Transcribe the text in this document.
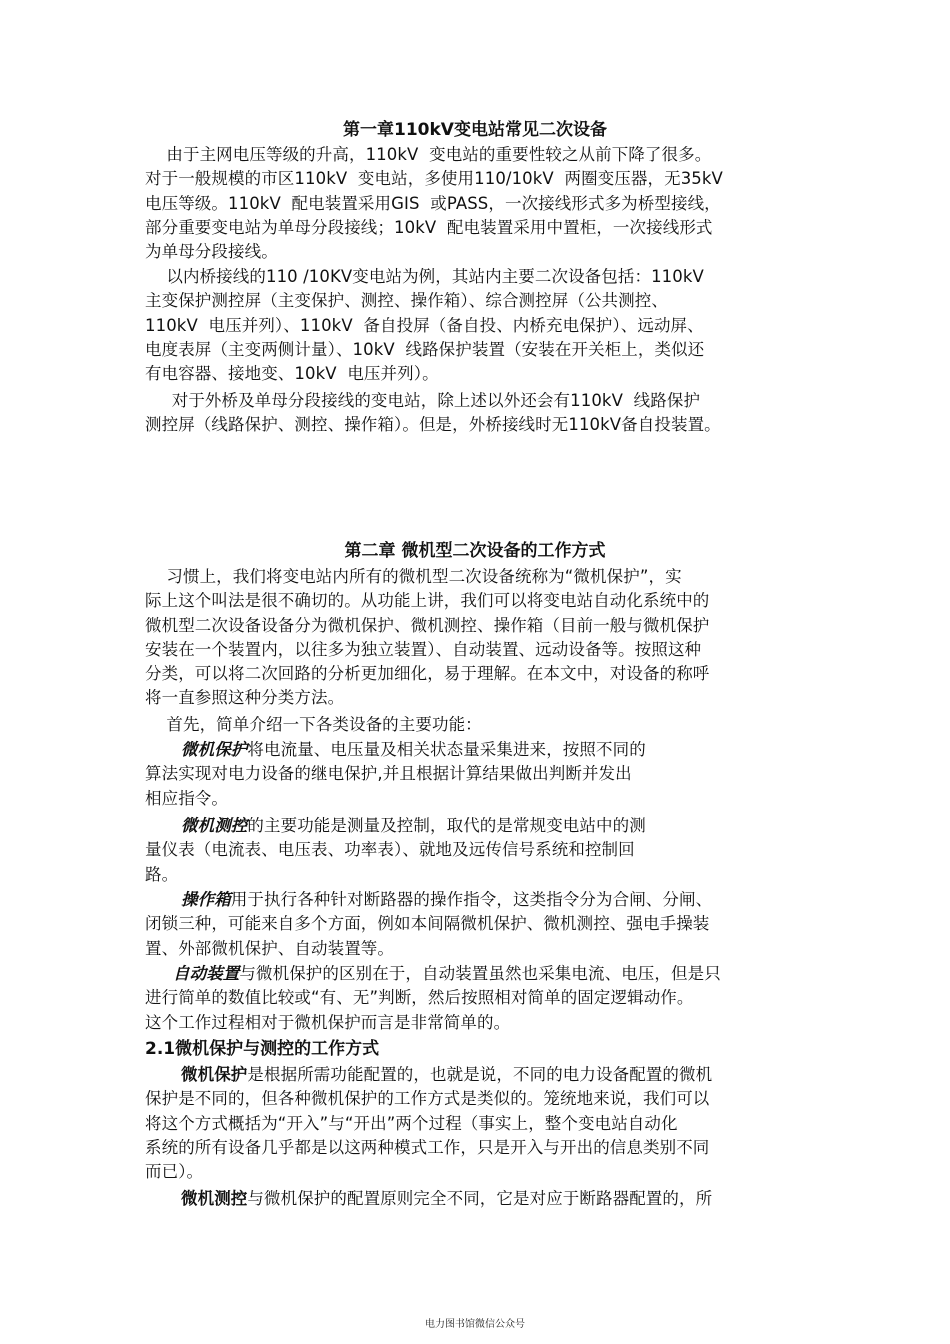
第一章110kV变电站常见二次设备

由于主网电压等级的升高，110kV  变电站的重要性较之从前下降了很多。
对于一般规模的市区110kV  变电站，多使用110/10kV  两圈变压器，无35kV
电压等级。110kV  配电装置采用GIS  或PASS，一次接线形式多为桥型接线，
部分重要变电站为单母分段接线；10kV  配电装置采用中置柜，一次接线形式
为单母分段接线。

以内桥接线的110 /10KV变电站为例，其站内主要二次设备包括：110kV
主变保护测控屏（主变保护、测控、操作箱）、综合测控屏（公共测控、
110kV  电压并列）、110kV  备自投屏（备自投、内桥充电保护）、远动屏、
电度表屏（主变两侧计量）、10kV  线路保护装置（安装在开关柜上，类似还
有电容器、接地变、10kV  电压并列）。

对于外桥及单母分段接线的变电站，除上述以外还会有110kV  线路保护
测控屏（线路保护、测控、操作箱）。但是，外桥接线时无110kV备自投装置。

第二章 微机型二次设备的工作方式

习惯上，我们将变电站内所有的微机型二次设备统称为“微机保护”，实
际上这个叫法是很不确切的。从功能上讲，我们可以将变电站自动化系统中的
微机型二次设备设备分为微机保护、微机测控、操作箱（目前一般与微机保护
安装在一个装置内，以往多为独立装置）、自动装置、远动设备等。按照这种
分类，可以将二次回路的分析更加细化，易于理解。在本文中，对设备的称呼
将一直参照这种分类方法。

首先，简单介绍一下各类设备的主要功能：

微机保护将电流量、电压量及相关状态量采集进来，按照不同的
算法实现对电力设备的继电保护,并且根据计算结果做出判断并发出
相应指令。

微机测控的主要功能是测量及控制，取代的是常规变电站中的测
量仪表（电流表、电压表、功率表）、就地及远传信号系统和控制回
路。

操作箱用于执行各种针对断路器的操作指令，这类指令分为合闸、分闸、
闭锁三种，可能来自多个方面，例如本间隔微机保护、微机测控、强电手操装
置、外部微机保护、自动装置等。

自动装置与微机保护的区别在于，自动装置虽然也采集电流、电压，但是只
进行简单的数值比较或“有、无”判断，然后按照相对简单的固定逻辑动作。
这个工作过程相对于微机保护而言是非常简单的。

2.1微机保护与测控的工作方式

微机保护是根据所需功能配置的，也就是说，不同的电力设备配置的微机
保护是不同的，但各种微机保护的工作方式是类似的。笼统地来说，我们可以
将这个方式概括为“开入”与“开出”两个过程（事实上，整个变电站自动化
系统的所有设备几乎都是以这两种模式工作，只是开入与开出的信息类别不同
而已）。

微机测控与微机保护的配置原则完全不同，它是对应于断路器配置的，所

电力图书馆微信公众号
